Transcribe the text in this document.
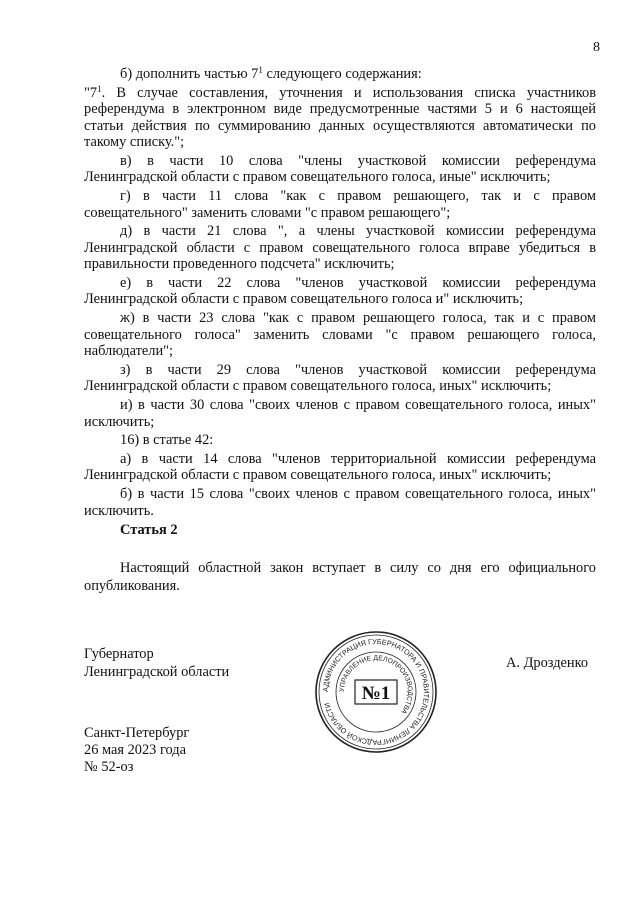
8

б) дополнить частью $7^1$ следующего содержания:

"$7^1$. В случае составления, уточнения и использования списка участников референдума в электронном виде предусмотренные частями 5 и 6 настоящей статьи действия по суммированию данных осуществляются автоматически по такому списку.";

в) в части 10 слова "члены участковой комиссии референдума Ленинградской области с правом совещательного голоса, иные" исключить;

г) в части 11 слова "как с правом решающего, так и с правом совещательного" заменить словами "с правом решающего";

д) в части 21 слова ", а члены участковой комиссии референдума Ленинградской области с правом совещательного голоса вправе убедиться в правильности проведенного подсчета" исключить;

е) в части 22 слова "членов участковой комиссии референдума Ленинградской области с правом совещательного голоса и" исключить;

ж) в части 23 слова "как с правом решающего голоса, так и с правом совещательного голоса" заменить словами "с правом решающего голоса, наблюдатели";

з) в части 29 слова "членов участковой комиссии референдума Ленинградской области с правом совещательного голоса, иных" исключить;

и) в части 30 слова "своих членов с правом совещательного голоса, иных" исключить;

16) в статье 42:

а) в части 14 слова "членов территориальной комиссии референдума Ленинградской области с правом совещательного голоса, иных" исключить;

б) в части 15 слова "своих членов с правом совещательного голоса, иных" исключить.

Статья 2
Настоящий областной закон вступает в силу со дня его официального опубликования.
Губернатор
Ленинградской области
АДМИНИСТРАЦИЯ ГУБЕРНАТОРА И ПРАВИТЕЛЬСТВА ЛЕНИНГРАДСКОЙ ОБЛАСТИ
УПРАВЛЕНИЕ ДЕЛОПРОИЗВОДСТВА
№1
А. Дрозденко
Санкт-Петербург
26 мая 2023 года
№ 52-оз
